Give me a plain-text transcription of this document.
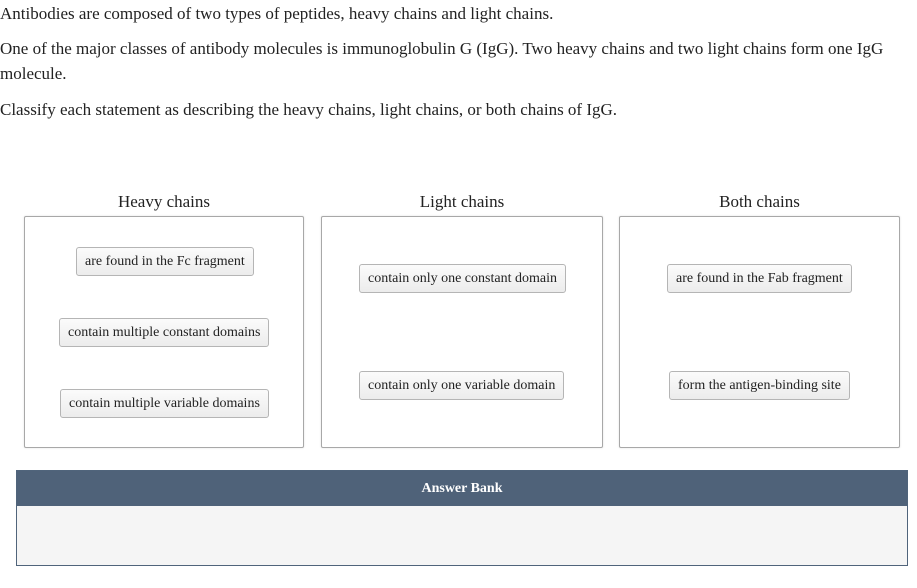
Antibodies are composed of two types of peptides, heavy chains and light chains.

One of the major classes of antibody molecules is immunoglobulin G (IgG). Two heavy chains and two light chains form one IgG molecule.

Classify each statement as describing the heavy chains, light chains, or both chains of IgG.

Heavy chains	Light chains	Both chains
are found in the Fc fragment
contain multiple constant domains
contain multiple variable domains
contain only one constant domain
contain only one variable domain
are found in the Fab fragment
form the antigen-binding site
Answer Bank
